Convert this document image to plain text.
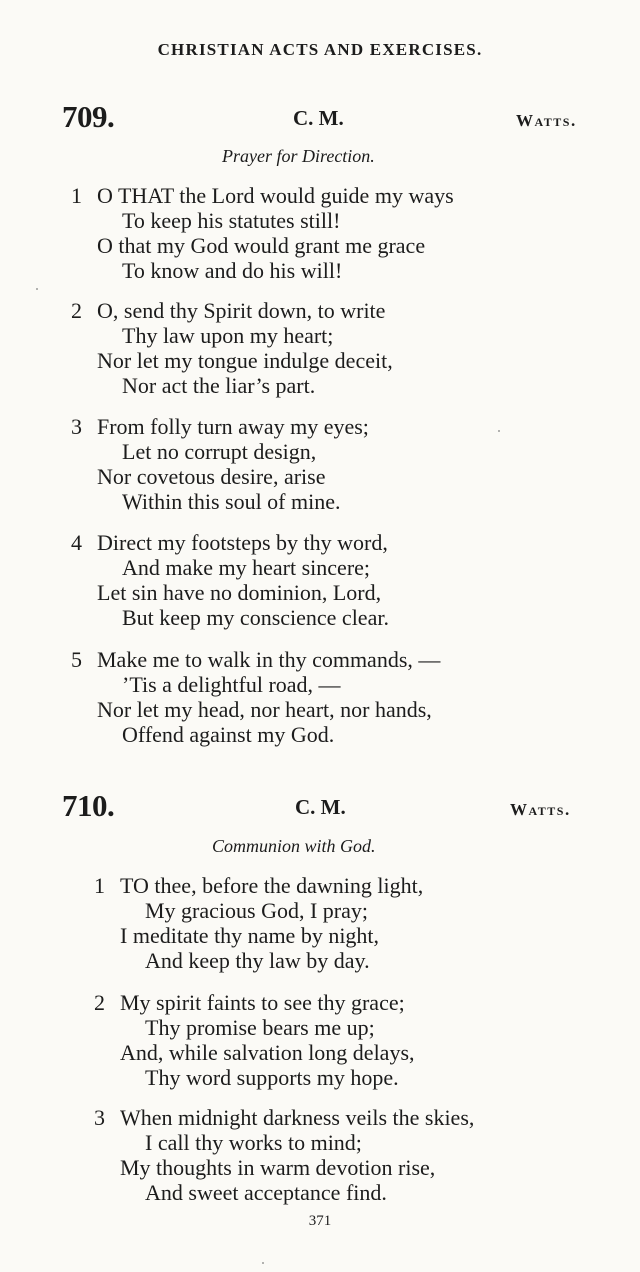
CHRISTIAN ACTS AND EXERCISES.
709.	C. M.	Watts.
Prayer for Direction.
1 O THAT the Lord would guide my ways
To keep his statutes still!
O that my God would grant me grace
To know and do his will!
2 O, send thy Spirit down, to write
Thy law upon my heart;
Nor let my tongue indulge deceit,
Nor act the liar’s part.
3 From folly turn away my eyes;
Let no corrupt design,
Nor covetous desire, arise
Within this soul of mine.
4 Direct my footsteps by thy word,
And make my heart sincere;
Let sin have no dominion, Lord,
But keep my conscience clear.
5 Make me to walk in thy commands, —
’Tis a delightful road, —
Nor let my head, nor heart, nor hands,
Offend against my God.
710.	C. M.	Watts.
Communion with God.
1 TO thee, before the dawning light,
My gracious God, I pray;
I meditate thy name by night,
And keep thy law by day.
2 My spirit faints to see thy grace;
Thy promise bears me up;
And, while salvation long delays,
Thy word supports my hope.
3 When midnight darkness veils the skies,
I call thy works to mind;
My thoughts in warm devotion rise,
And sweet acceptance find.
371
